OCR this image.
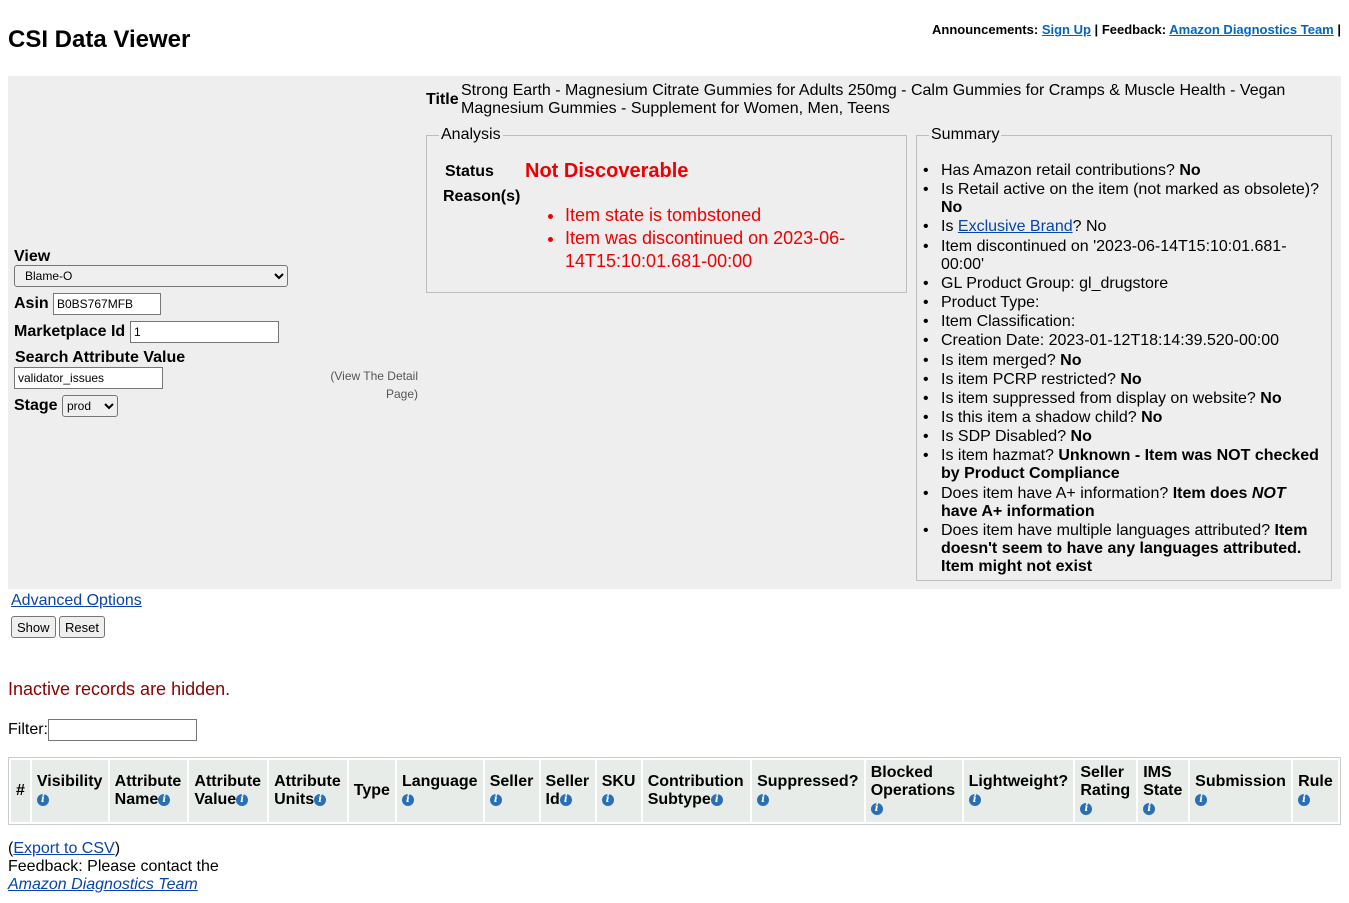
Announcements: Sign Up | Feedback: Amazon Diagnostics Team |
CSI Data Viewer
View
Blame-O
Asin
B0BS767MFB
Marketplace Id
1
Search Attribute Value
validator_issues
Stage
prod
(View The Detail Page)
Title
Strong Earth - Magnesium Citrate Gummies for Adults 250mg - Calm Gummies for Cramps & Muscle Health - Vegan Magnesium Gummies - Supplement for Women, Men, Teens
Analysis
Status Not Discoverable
Reason(s)
• Item state is tombstoned
• Item was discontinued on 2023-06-14T15:10:01.681-00:00
Summary
• Has Amazon retail contributions? No
• Is Retail active on the item (not marked as obsolete)? No
• Is Exclusive Brand? No
• Item discontinued on '2023-06-14T15:10:01.681-00:00'
• GL Product Group: gl_drugstore
• Product Type:
• Item Classification:
• Creation Date: 2023-01-12T18:14:39.520-00:00
• Is item merged? No
• Is item PCRP restricted? No
• Is item suppressed from display on website? No
• Is this item a shadow child? No
• Is SDP Disabled? No
• Is item hazmat? Unknown - Item was NOT checked by Product Compliance
• Does item have A+ information? Item does NOT have A+ information
• Does item have multiple languages attributed? Item doesn't seem to have any languages attributed. Item might not exist
Advanced Options
Show	Reset
Inactive records are hidden.
Filter:
#	Visibilityi	Attribute Name i	Attribute Value i	Attribute Units i	Type	Languagei	Selleri	Seller Id i	SKUi	Contribution Subtype i	Suppressed?i	Blocked Operationsi	Lightweight?i	Seller Ratingi	IMS Statei	Submissioni	Rulei
(Export to CSV)
Feedback: Please contact the
Amazon Diagnostics Team
